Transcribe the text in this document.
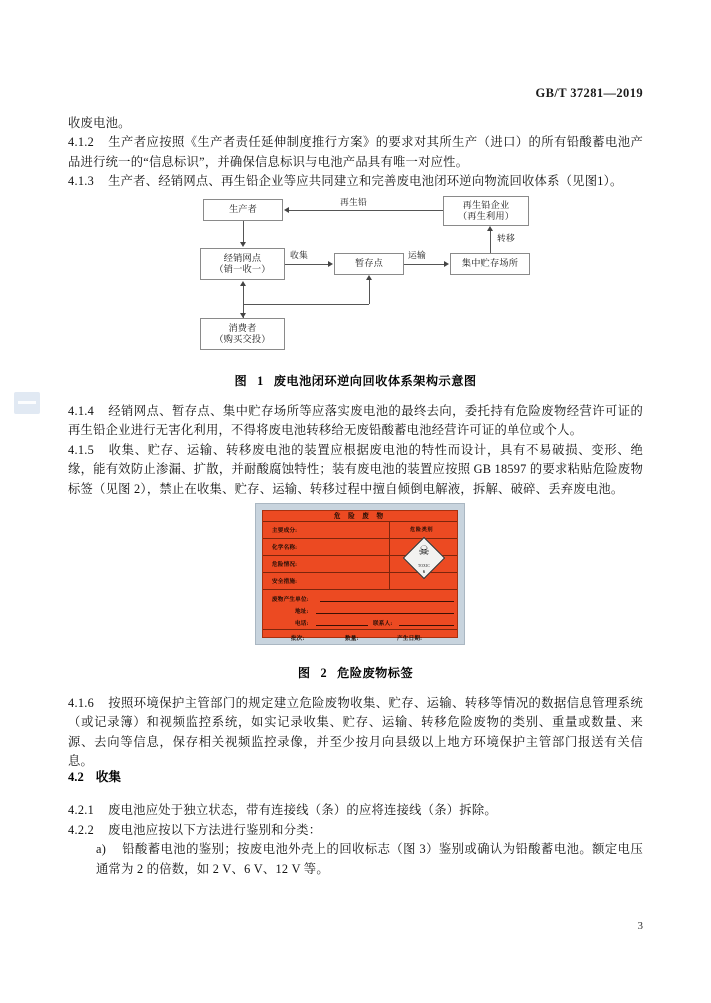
GB/T 37281—2019

收废电池。

4.1.2 生产者应按照《生产者责任延伸制度推行方案》的要求对其所生产（进口）的所有铅酸蓄电池产品进行统一的“信息标识”，并确保信息标识与电池产品具有唯一对应性。

4.1.3 生产者、经销网点、再生铅企业等应共同建立和完善废电池闭环逆向物流回收体系（见图1）。

生产者	再生铅企业
（再生利用）
经销网点
（销一收一）
暂存点	集中贮存场所
消费者
（购买交投）
再生铅
收集	运输
转移
图 1 废电池闭环逆向回收体系架构示意图

4.1.4 经销网点、暂存点、集中贮存场所等应落实废电池的最终去向，委托持有危险废物经营许可证的再生铅企业进行无害化利用，不得将废电池转移给无废铅酸蓄电池经营许可证的单位或个人。

4.1.5 收集、贮存、运输、转移废电池的装置应根据废电池的特性而设计，具有不易破损、变形、绝缘，能有效防止渗漏、扩散，并耐酸腐蚀特性；装有废电池的装置应按照 GB 18597 的要求粘贴危险废物标签（见图 2），禁止在收集、贮存、运输、转移过程中擅自倾倒电解液，拆解、破碎、丢弃废电池。

危 险 废 物
主要成分:
化学名称:
危险情况:
安全措施:
危险类别
☠
TOXIC
6
废物产生单位:
地址:
电话:	联系人:
批次:	数量:	产生日期:
图 2 危险废物标签

4.1.6 按照环境保护主管部门的规定建立危险废物收集、贮存、运输、转移等情况的数据信息管理系统（或记录簿）和视频监控系统，如实记录收集、贮存、运输、转移危险废物的类别、重量或数量、来源、去向等信息，保存相关视频监控录像，并至少按月向县级以上地方环境保护主管部门报送有关信息。

4.2 收集

4.2.1 废电池应处于独立状态，带有连接线（条）的应将连接线（条）拆除。

4.2.2 废电池应按以下方法进行鉴别和分类：

a) 铅酸蓄电池的鉴别；按废电池外壳上的回收标志（图 3）鉴别或确认为铅酸蓄电池。额定电压通常为 2 的倍数，如 2 V、6 V、12 V 等。

3
